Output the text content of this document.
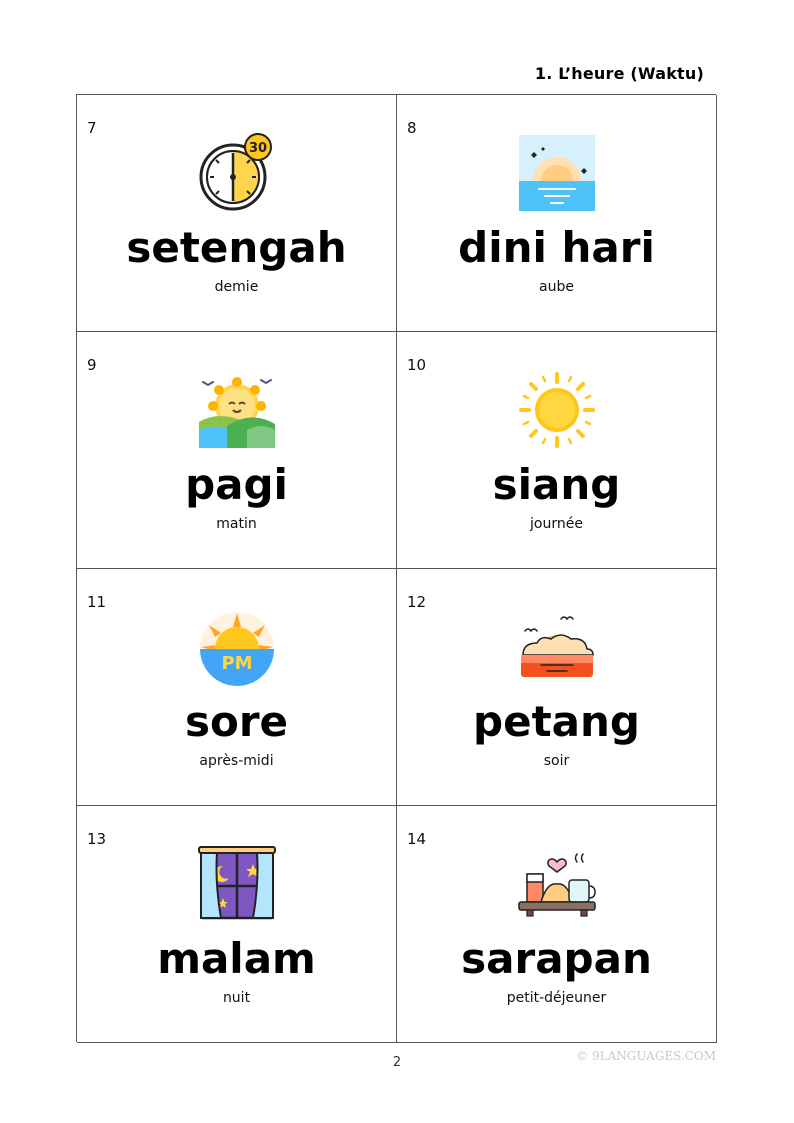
1. L’heure (Waktu)
7
30
setengah
demie
8
dini hari
aube
9
pagi
matin
10
siang
journée
11
PM
sore
après-midi
12
petang
soir
13
malam
nuit
14
sarapan
petit-déjeuner
2	© 9LANGUAGES.COM
